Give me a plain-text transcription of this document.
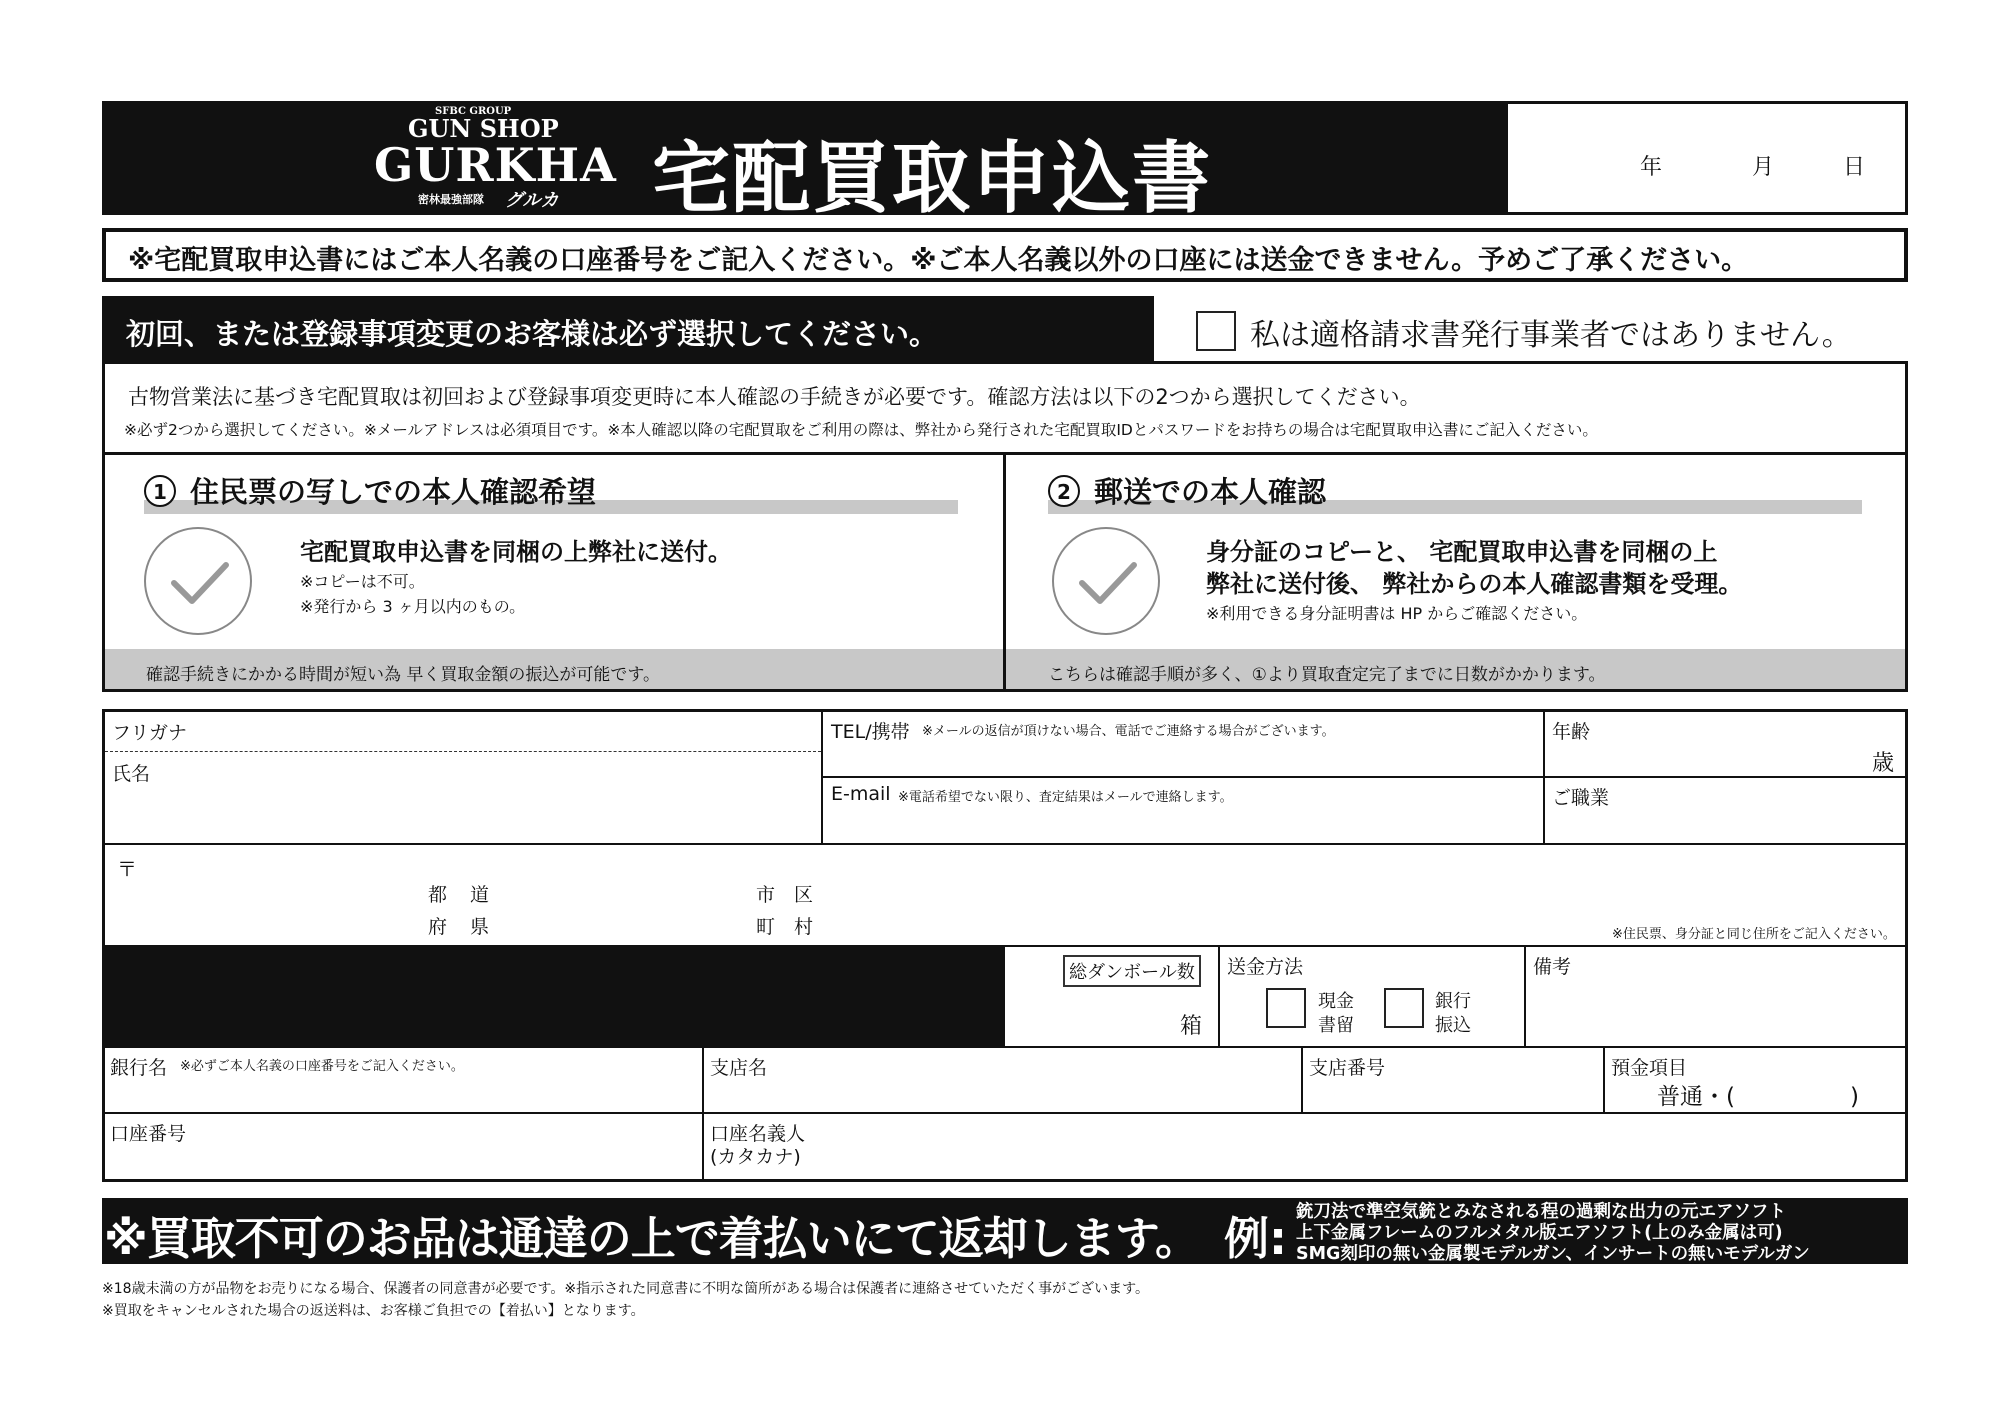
SFBC GROUP
GUN SHOP
GURKHA
密林最強部隊 グルカ 宅配買取申込書	年	月	日
※宅配買取申込書にはご本人名義の口座番号をご記入ください。※ご本人名義以外の口座には送金できません。予めご了承ください。
初回、または登録事項変更のお客様は必ず選択してください。	私は適格請求書発行事業者ではありません。
古物営業法に基づき宅配買取は初回および登録事項変更時に本人確認の手続きが必要です。確認方法は以下の2つから選択してください。
※必ず2つから選択してください。※メールアドレスは必須項目です。※本人確認以降の宅配買取をご利用の際は、弊社から発行された宅配買取IDとパスワードをお持ちの場合は宅配買取申込書にご記入ください。
1 住民票の写しでの本人確認希望
宅配買取申込書を同梱の上弊社に送付。
※コピーは不可。
※発行から 3 ヶ月以内のもの。
確認手続きにかかる時間が短い為 早く買取金額の振込が可能です。
2 郵送での本人確認
身分証のコピーと、 宅配買取申込書を同梱の上
弊社に送付後、 弊社からの本人確認書類を受理。
※利用できる身分証明書は HP からご確認ください。
こちらは確認手順が多く、①より買取査定完了までに日数がかかります。
フリガナ
氏名
TEL/携帯 ※メールの返信が頂けない場合、電話でご連絡する場合がございます。
E-mail ※電話希望でない限り、査定結果はメールで連絡します。
年齢
歳
ご職業
〒
都 道
府 県
市 区
町 村	※住民票、身分証と同じ住所をご記入ください。
総ダンボール数
箱
送金方法
現金
書留
銀行
振込
備考
銀行名 ※必ずご本人名義の口座番号をご記入ください。	支店名	支店番号	預金項目
普通・(　　　　　)
口座番号	口座名義人
(カタカナ)
※買取不可のお品は通達の上で着払いにて返却します。 例: 銃刀法で準空気銃とみなされる程の過剰な出力の元エアソフト
上下金属フレームのフルメタル版エアソフト(上のみ金属は可)
SMG刻印の無い金属製モデルガン、インサートの無いモデルガン
※18歳未満の方が品物をお売りになる場合、保護者の同意書が必要です。※指示された同意書に不明な箇所がある場合は保護者に連絡させていただく事がございます。
※買取をキャンセルされた場合の返送料は、お客様ご負担での【着払い】となります。
